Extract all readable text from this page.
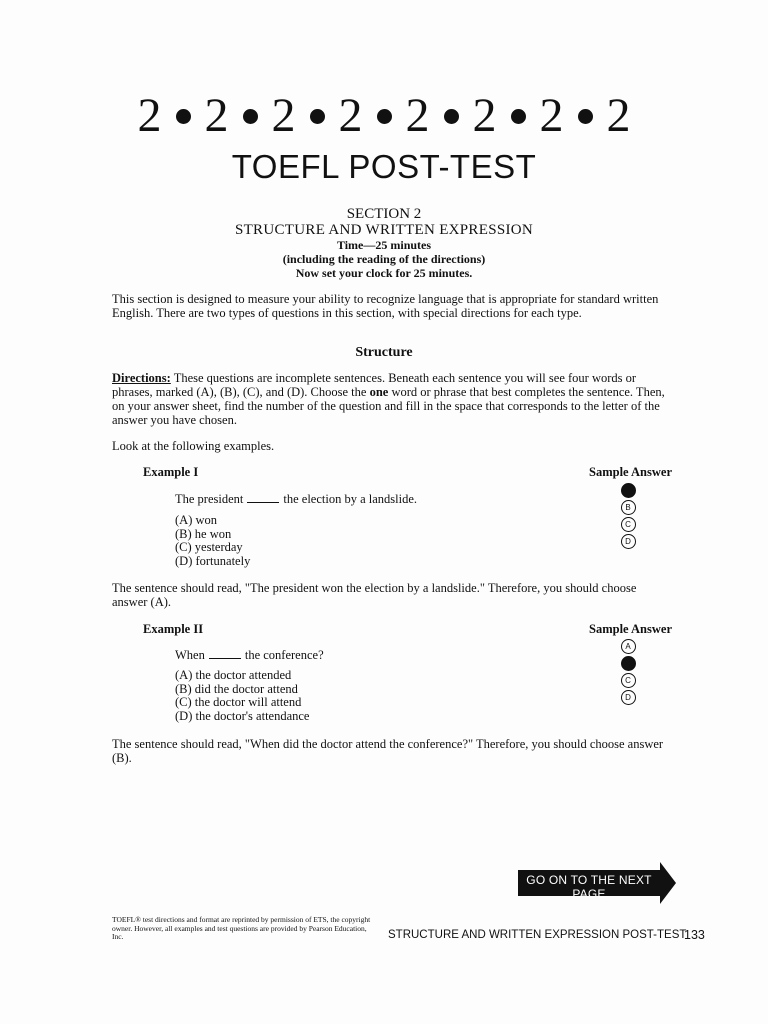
2 2 2 2 2 2 2 2
TOEFL POST-TEST
SECTION 2
STRUCTURE AND WRITTEN EXPRESSION
Time—25 minutes
(including the reading of the directions)
Now set your clock for 25 minutes.
This section is designed to measure your ability to recognize language that is appropriate for standard written English. There are two types of questions in this section, with special directions for each type.
Structure
Directions: These questions are incomplete sentences. Beneath each sentence you will see four words or phrases, marked (A), (B), (C), and (D). Choose the one word or phrase that best completes the sentence. Then, on your answer sheet, find the number of the question and fill in the space that corresponds to the letter of the answer you have chosen.
Look at the following examples.
Example I	Sample Answer
The president	the election by a landslide.
(A) won
(B) he won
(C) yesterday
(D) fortunately
B
C
D
The sentence should read, "The president won the election by a landslide." Therefore, you should choose answer (A).
Example II	Sample Answer
When	the conference?
(A) the doctor attended
(B) did the doctor attend
(C) the doctor will attend
(D) the doctor's attendance
A
C
D
The sentence should read, "When did the doctor attend the conference?" Therefore, you should choose answer (B).
GO ON TO THE NEXT PAGE
TOEFL® test directions and format are reprinted by permission of ETS, the copyright owner. However, all examples and test questions are provided by Pearson Education, Inc.	STRUCTURE AND WRITTEN EXPRESSION POST-TEST
133
